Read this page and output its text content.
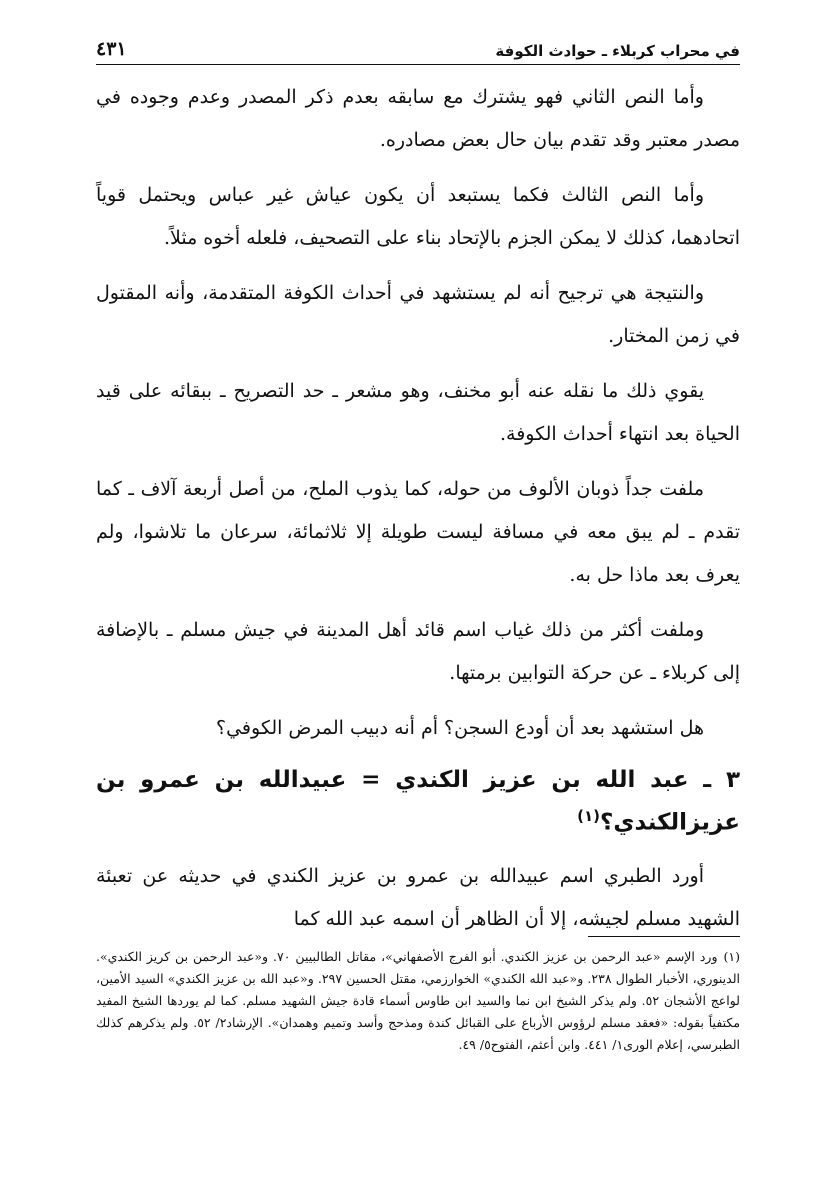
في محراب كربلاء ـ حوادث الكوفة
٤٣١

وأما النص الثاني فهو يشترك مع سابقه بعدم ذكر المصدر وعدم وجوده في مصدر معتبر وقد تقدم بيان حال بعض مصادره.

وأما النص الثالث فكما يستبعد أن يكون عياش غير عباس ويحتمل قوياً اتحادهما، كذلك لا يمكن الجزم بالإتحاد بناء على التصحيف، فلعله أخوه مثلاً.

والنتيجة هي ترجيح أنه لم يستشهد في أحداث الكوفة المتقدمة، وأنه المقتول في زمن المختار.

يقوي ذلك ما نقله عنه أبو مخنف، وهو مشعر ـ حد التصريح ـ ببقائه على قيد الحياة بعد انتهاء أحداث الكوفة.

ملفت جداً ذوبان الألوف من حوله، كما يذوب الملح، من أصل أربعة آلاف ـ كما تقدم ـ لم يبق معه في مسافة ليست طويلة إلا ثلاثمائة، سرعان ما تلاشوا، ولم يعرف بعد ماذا حل به.

وملفت أكثر من ذلك غياب اسم قائد أهل المدينة في جيش مسلم ـ بالإضافة إلى كربلاء ـ عن حركة التوابين برمتها.

هل استشهد بعد أن أودع السجن؟ أم أنه دبيب المرض الكوفي؟

٣ ـ عبد الله بن عزيز الكندي = عبيدالله بن عمرو بن عزيزالكندي؟$^{(١)}$

أورد الطبري اسم عبيدالله بن عمرو بن عزيز الكندي في حديثه عن تعبئة الشهيد مسلم لجيشه، إلا أن الظاهر أن اسمه عبد الله كما

(١)ورد الإسم «عبد الرحمن بن عزيز الكندي. أبو الفرج الأصفهاني»، مقاتل الطالبيين ٧٠. و«عبد الرحمن بن كريز الكندي». الدينوري، الأخبار الطوال ٢٣٨. و«عبد الله الكندي» الخوارزمي، مقتل الحسين ٢٩٧. و«عبد الله بن عزيز الكندي» السيد الأمين، لواعج الأشجان ٥٢. ولم يذكر الشيخ ابن نما والسيد ابن طاوس أسماء قادة جيش الشهيد مسلم. كما لم يوردها الشيخ المفيد مكتفياً بقوله: «فعقد مسلم لرؤوس الأرباع على القبائل كندة ومذحج وأسد وتميم وهمدان». الإرشاد٢/ ٥٢. ولم يذكرهم كذلك الطبرسي، إعلام الورى١/ ٤٤١. وابن أعثم، الفتوح٥/ ٤٩.
